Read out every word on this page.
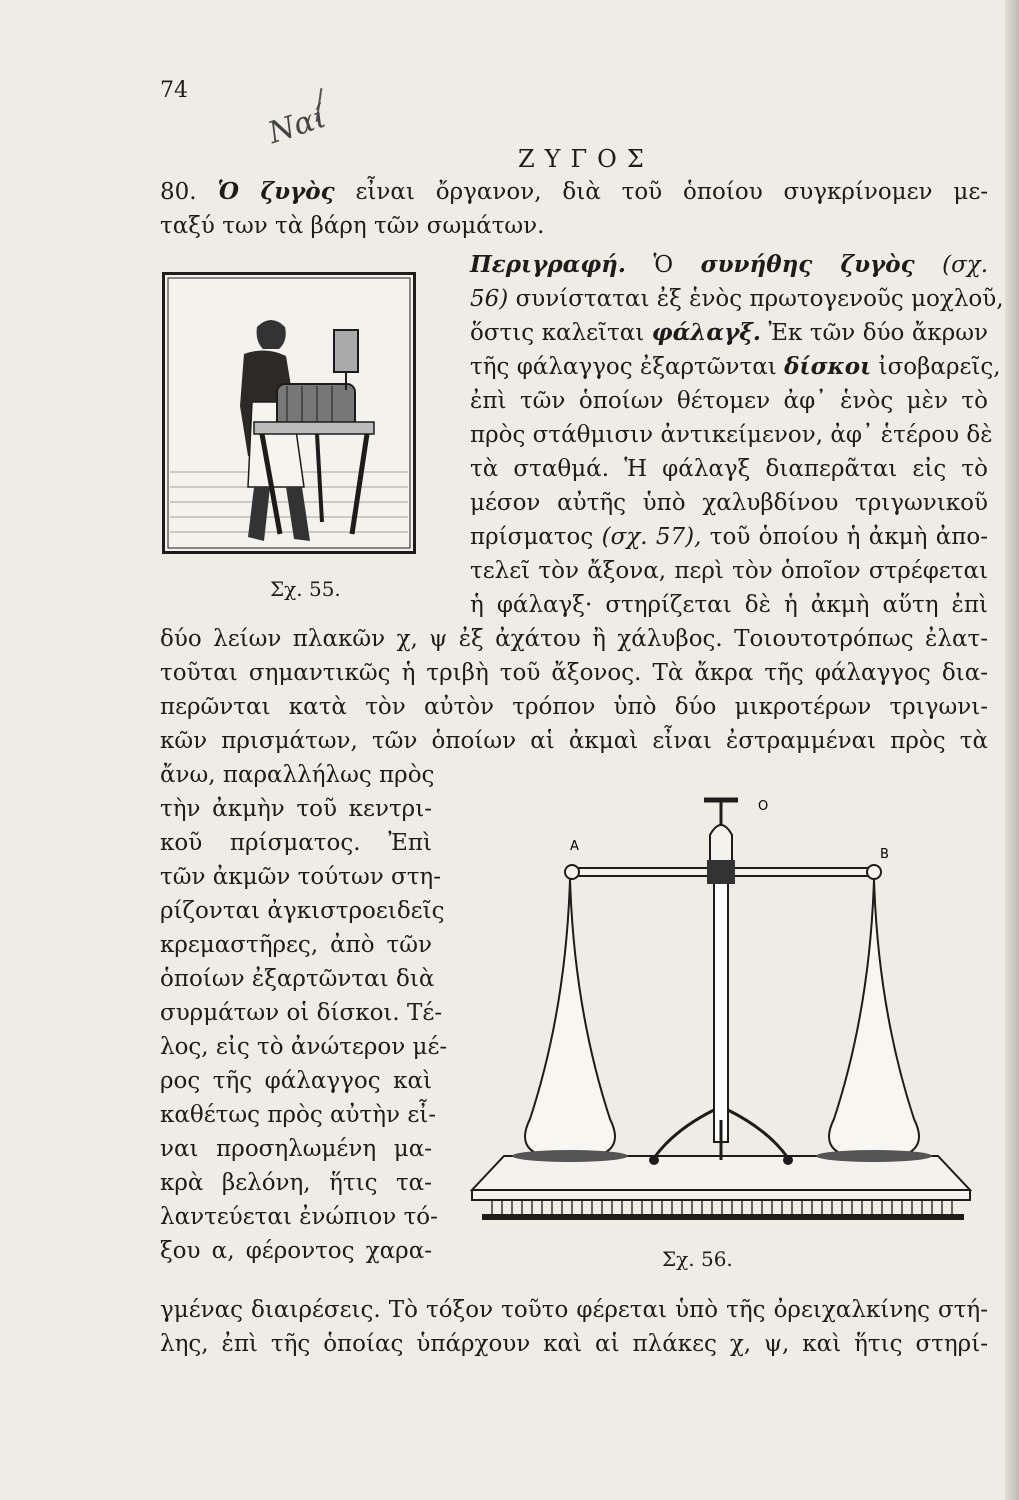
74
Ναί
ΖΥΓΟΣ
80. Ὁ ζυγὸς εἶναι ὄργανον, διὰ τοῦ ὁποίου συγκρίνομεν με-
ταξύ των τὰ βάρη τῶν σωμάτων.
Σχ. 55.
Περιγραφή. Ὁ συνήθης ζυγὸς (σχ.
56) συνίσταται ἐξ ἑνὸς πρωτογενοῦς μοχλοῦ,
ὅστις καλεῖται φάλαγξ. Ἐκ τῶν δύο ἄκρων
τῆς φάλαγγος ἐξαρτῶνται δίσκοι ἰσοβαρεῖς,
ἐπὶ τῶν ὁποίων θέτομεν ἀφ᾽ ἑνὸς μὲν τὸ
πρὸς στάθμισιν ἀντικείμενον, ἀφ᾽ ἑτέρου δὲ
τὰ σταθμά. Ἡ φάλαγξ διαπερᾶται εἰς τὸ
μέσον αὐτῆς ὑπὸ χαλυβδίνου τριγωνικοῦ
πρίσματος (σχ. 57), τοῦ ὁποίου ἡ ἀκμὴ ἀπο-
τελεῖ τὸν ἄξονα, περὶ τὸν ὁποῖον στρέφεται
ἡ φάλαγξ· στηρίζεται δὲ ἡ ἀκμὴ αὕτη ἐπὶ
δύο λείων πλακῶν χ, ψ ἐξ ἀχάτου ἢ χάλυβος. Τοιουτοτρόπως ἐλατ-
τοῦται σημαντικῶς ἡ τριβὴ τοῦ ἄξονος. Τὰ ἄκρα τῆς φάλαγγος δια-
περῶνται κατὰ τὸν αὐτὸν τρόπον ὑπὸ δύο μικροτέρων τριγωνι-
κῶν πρισμάτων, τῶν ὁποίων αἱ ἀκμαὶ εἶναι ἐστραμμέναι πρὸς τὰ
ἄνω, παραλλήλως πρὸς
τὴν ἀκμὴν τοῦ κεντρι-
κοῦ πρίσματος. Ἐπὶ
τῶν ἀκμῶν τούτων στη-
ρίζονται ἀγκιστροειδεῖς
κρεμαστῆρες, ἀπὸ τῶν
ὁποίων ἐξαρτῶνται διὰ
συρμάτων οἱ δίσκοι. Τέ-
λος, εἰς τὸ ἀνώτερον μέ-
ρος τῆς φάλαγγος καὶ
καθέτως πρὸς αὐτὴν εἶ-
ναι προσηλωμένη μα-
κρὰ βελόνη, ἥτις τα-
λαντεύεται ἐνώπιον τό-
ξου α, φέροντος χαρα-
A
B
O
Σχ. 56.
γμένας διαιρέσεις. Τὸ τόξον τοῦτο φέρεται ὑπὸ τῆς ὀρειχαλκίνης στή-
λης, ἐπὶ τῆς ὁποίας ὑπάρχουν καὶ αἱ πλάκες χ, ψ, καὶ ἥτις στηρί-
